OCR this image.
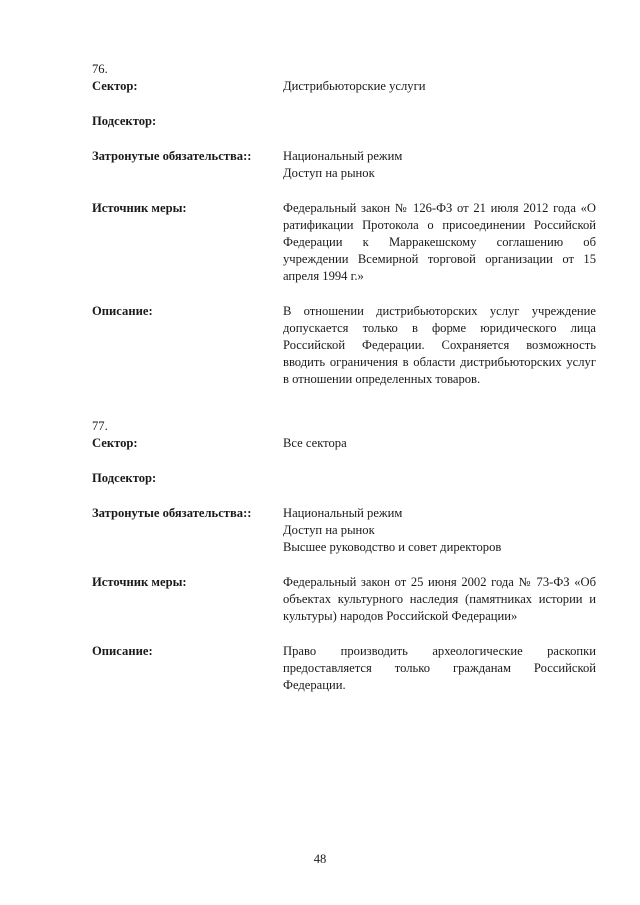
76.
Сектор:	Дистрибьюторские услуги
Подсектор:
Затронутые обязательства::	Национальный режим
Доступ на рынок
Источник меры:	Федеральный закон № 126-ФЗ от 21 июля 2012 года «О ратификации Протокола о присоединении Российской Федерации к Марракешскому соглашению об учреждении Всемирной торговой организации от 15 апреля 1994 г.»
Описание:	В отношении дистрибьюторских услуг учреждение допускается только в форме юридического лица Российской Федерации. Сохраняется возможность вводить ограничения в области дистрибьюторских услуг в отношении определенных товаров.
77.
Сектор:	Все сектора
Подсектор:
Затронутые обязательства::	Национальный режим
Доступ на рынок
Высшее руководство и совет директоров
Источник меры:	Федеральный закон от 25 июня 2002 года № 73-ФЗ «Об объектах культурного наследия (памятниках истории и культуры) народов Российской Федерации»
Описание:	Право производить археологические раскопки предоставляется только гражданам Российской Федерации.
48
